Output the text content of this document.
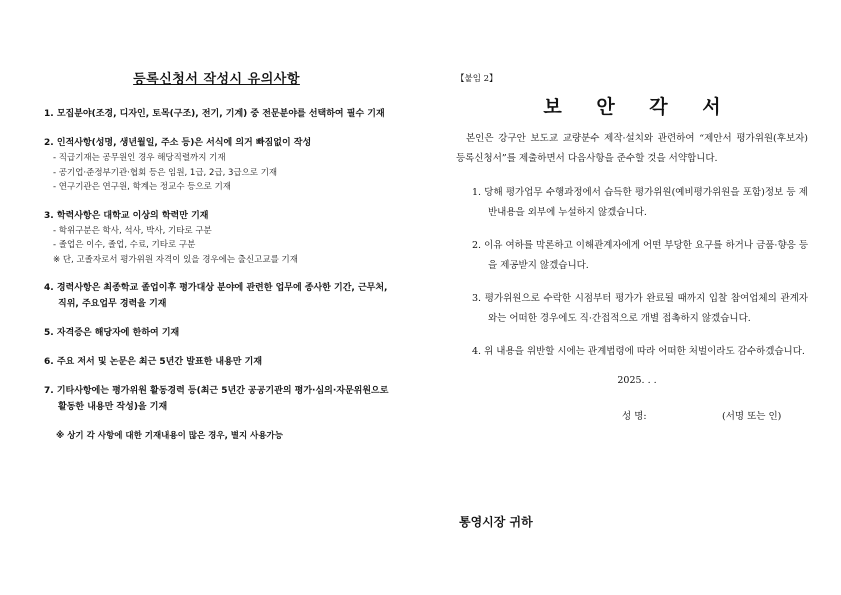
등록신청서 작성시 유의사항
1. 모집분야(조경, 디자인, 토목(구조), 전기, 기계) 중 전문분야를 선택하여 필수 기재
2. 인적사항(성명, 생년월일, 주소 등)은 서식에 의거 빠짐없이 작성
- 직급기재는 공무원인 경우 해당직렬까지 기재
- 공기업·준정부기관·협회 등은 임원, 1급, 2급, 3급으로 기재
- 연구기관은 연구원, 학계는 정교수 등으로 기재
3. 학력사항은 대학교 이상의 학력만 기재
- 학위구분은 학사, 석사, 박사, 기타로 구분
- 졸업은 이수, 졸업, 수료, 기타로 구분
※ 단, 고졸자로서 평가위원 자격이 있을 경우에는 출신고교를 기재
4. 경력사항은 최종학교 졸업이후 평가대상 분야에 관련한 업무에 종사한 기간, 근무처, 직위, 주요업무 경력을 기재
5. 자격증은 해당자에 한하여 기재
6. 주요 저서 및 논문은 최근 5년간 발표한 내용만 기재
7. 기타사항에는 평가위원 활동경력 등(최근 5년간 공공기관의 평가·심의·자문위원으로 활동한 내용만 작성)을 기재
※ 상기 각 사항에 대한 기재내용이 많은 경우, 별지 사용가능
【붙임 2】
보 안 각 서
본인은 강구안 보도교 교량분수 제작·설치와 관련하여 “제안서 평가위원(후보자) 등록신청서”를 제출하면서 다음사항을 준수할 것을 서약합니다.
1. 당해 평가업무 수행과정에서 습득한 평가위원(예비평가위원을 포함)정보 등 제반내용을 외부에 누설하지 않겠습니다.
2. 이유 여하를 막론하고 이해관계자에게 어떤 부당한 요구를 하거나 금품·향응 등을 제공받지 않겠습니다.
3. 평가위원으로 수락한 시점부터 평가가 완료될 때까지 입찰 참여업체의 관계자와는 어떠한 경우에도 직·간접적으로 개별 접촉하지 않겠습니다.
4. 위 내용을 위반할 시에는 관계법령에 따라 어떠한 처벌이라도 감수하겠습니다.
2025. . .
성 명:	(서명 또는 인)
통영시장 귀하
